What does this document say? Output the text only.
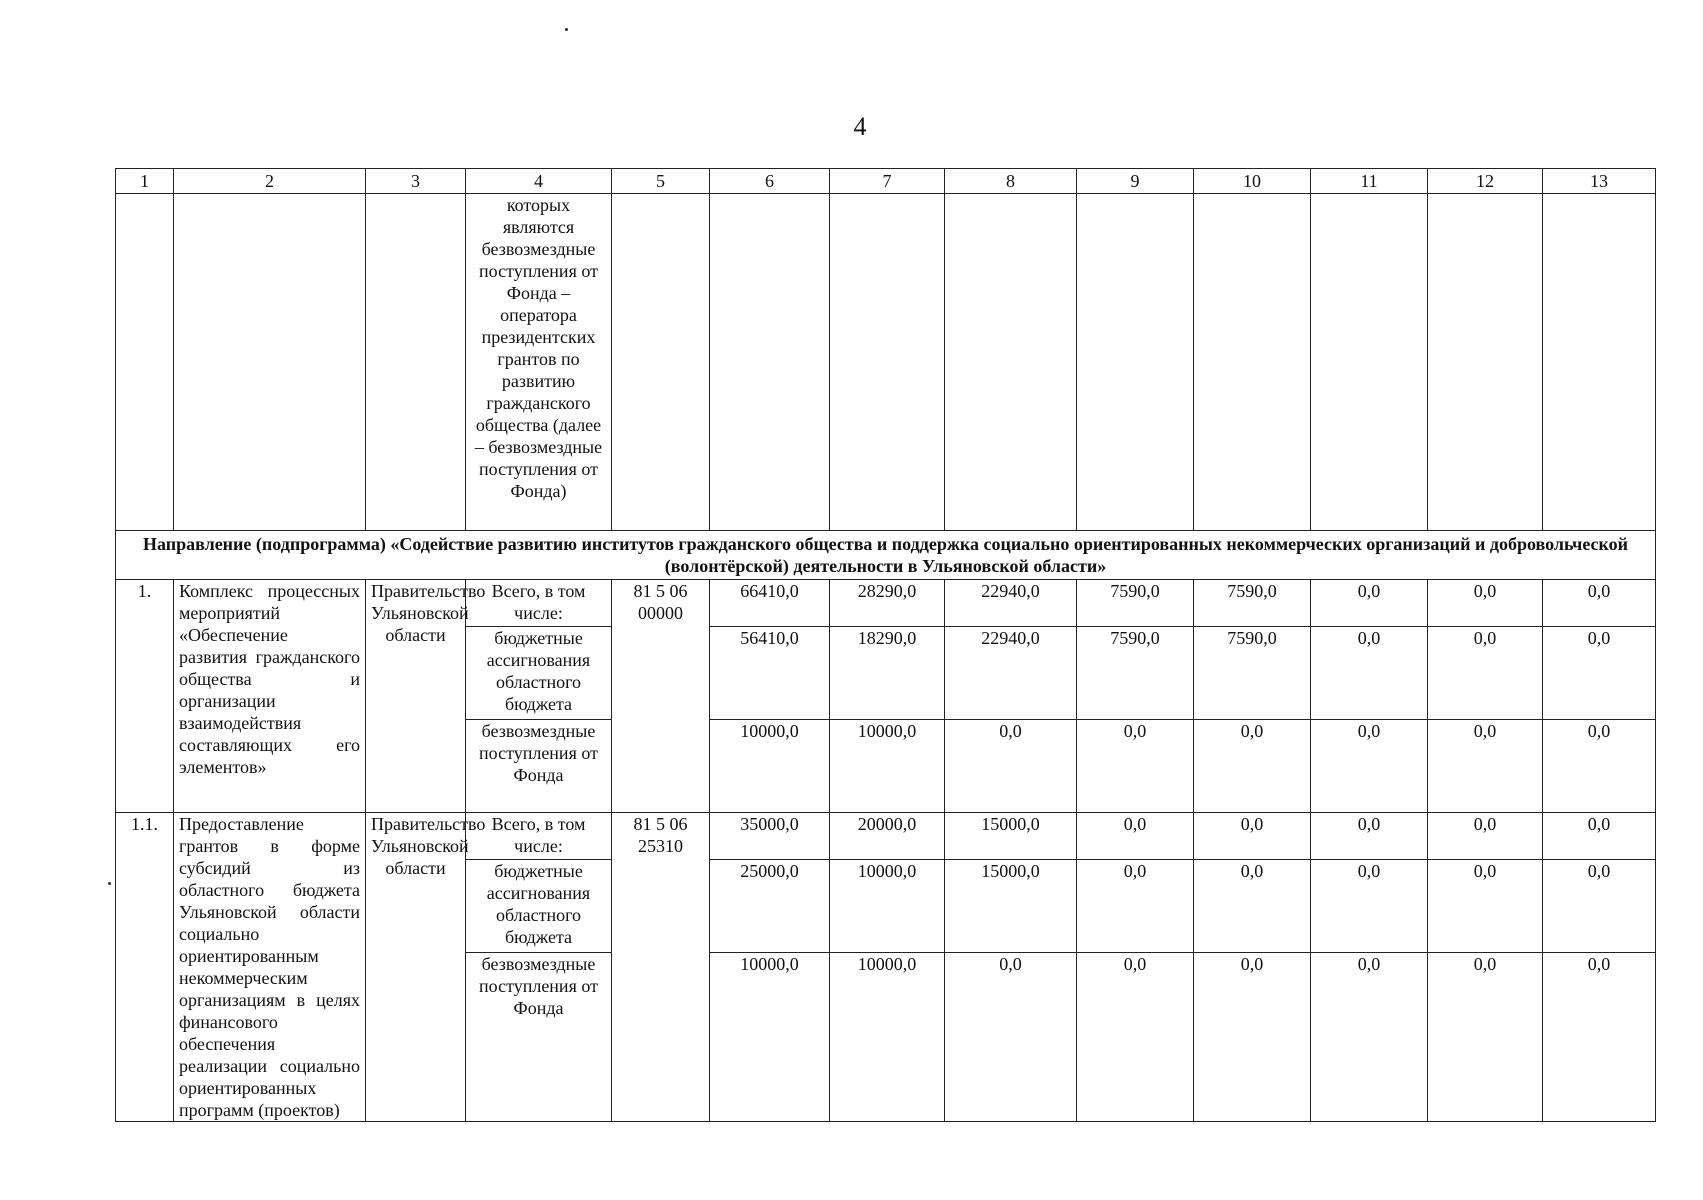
4
1	2	3	4	5	6	7	8	9	10	11	12	13
			которых являются безвозмездные поступления от Фонда – оператора президентских грантов по развитию гражданского общества (далее – безвозмездные поступления от Фонда)									
Направление (подпрограмма) «Содействие развитию институтов гражданского общества и поддержка социально ориентированных некоммерческих организаций и добровольческой (волонтёрской) деятельности в Ульяновской области»												
1.	Комплекс процессных мероприятий «Обеспечение развития гражданского общества и организации взаимодействия составляющих его элементов»	Правительство Ульяновской области	Всего, в том числе:	81 5 06 00000	66410,0	28290,0	22940,0	7590,0	7590,0	0,0	0,0	0,0
			бюджетные ассигнования областного бюджета		56410,0	18290,0	22940,0	7590,0	7590,0	0,0	0,0	0,0
			безвозмездные поступления от Фонда		10000,0	10000,0	0,0	0,0	0,0	0,0	0,0	0,0
1.1.	Предоставление грантов в форме субсидий из областного бюджета Ульяновской области социально ориентированным некоммерческим организациям в целях финансового обеспечения реализации социально ориентированных программ (проектов)	Правительство Ульяновской области	Всего, в том числе:	81 5 06 25310	35000,0	20000,0	15000,0	0,0	0,0	0,0	0,0	0,0
			бюджетные ассигнования областного бюджета		25000,0	10000,0	15000,0	0,0	0,0	0,0	0,0	0,0
			безвозмездные поступления от Фонда		10000,0	10000,0	0,0	0,0	0,0	0,0	0,0	0,0
